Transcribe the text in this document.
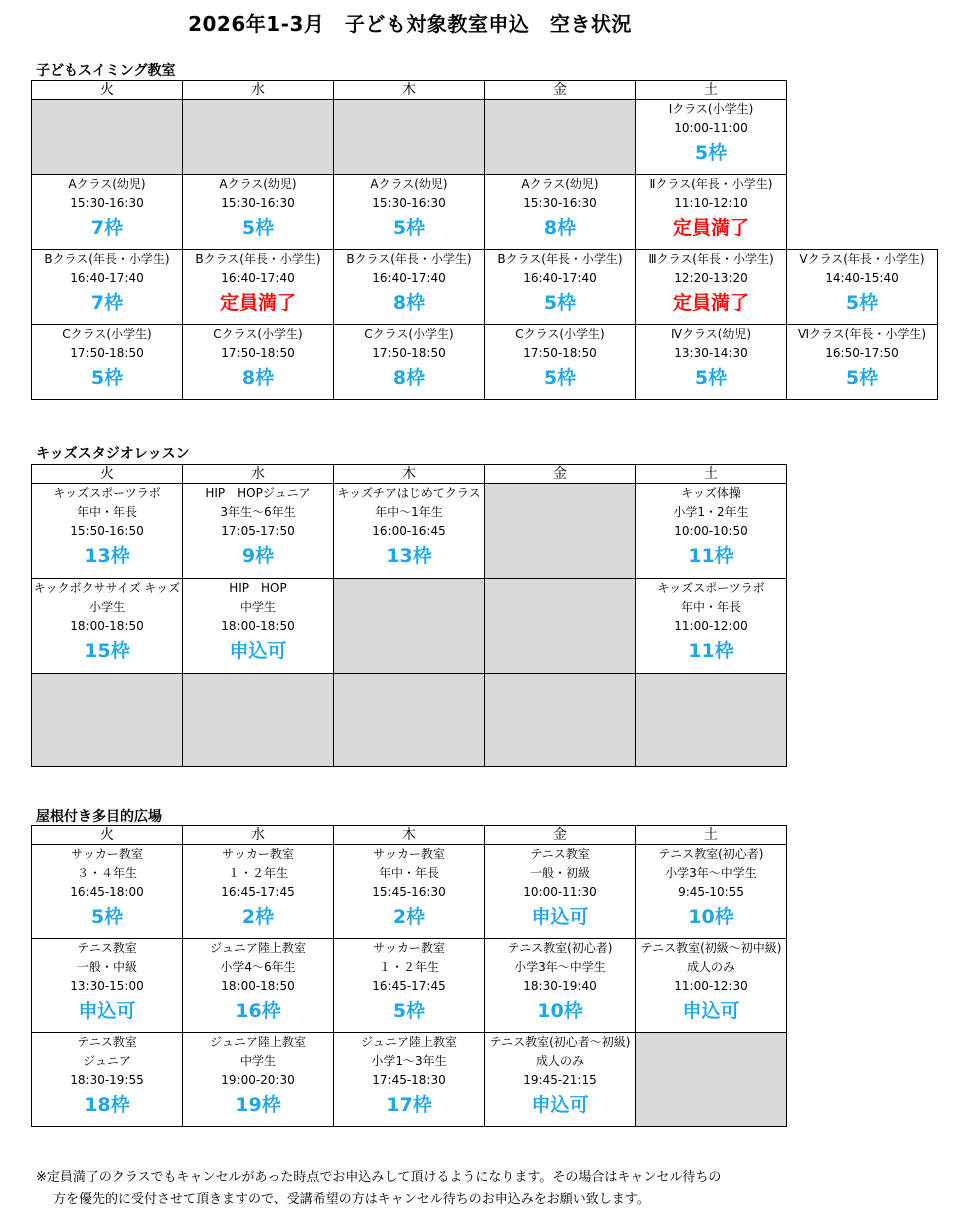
2026年1-3月　子ども対象教室申込　空き状況
子どもスイミング教室
火	水	木	金	土	

				Ⅰクラス(小学生)
10:00-11:00
5枠	

Aクラス(幼児)
15:30-16:30
7枠	Aクラス(幼児)
15:30-16:30
5枠	Aクラス(幼児)
15:30-16:30
5枠	Aクラス(幼児)
15:30-16:30
8枠	Ⅱクラス(年長・小学生)
11:10-12:10
定員満了	

Bクラス(年長・小学生)
16:40-17:40
7枠	Bクラス(年長・小学生)
16:40-17:40
定員満了	Bクラス(年長・小学生)
16:40-17:40
8枠	Bクラス(年長・小学生)
16:40-17:40
5枠	Ⅲクラス(年長・小学生)
12:20-13:20
定員満了	Ⅴクラス(年長・小学生)
14:40-15:40
5枠

Cクラス(小学生)
17:50-18:50
5枠	Cクラス(小学生)
17:50-18:50
8枠	Cクラス(小学生)
17:50-18:50
8枠	Cクラス(小学生)
17:50-18:50
5枠	Ⅳクラス(幼児)
13:30-14:30
5枠	Ⅵクラス(年長・小学生)
16:50-17:50
5枠
キッズスタジオレッスン
火	水	木	金	土

キッズスポーツラボ
年中・年長
15:50-16:50
13枠	HIP　HOPジュニア
3年生～6年生
17:05-17:50
9枠	キッズチアはじめてクラス
年中～1年生
16:00-16:45
13枠		キッズ体操
小学1・2年生
10:00-10:50
11枠

キックボクササイズ キッズ
小学生
18:00-18:50
15枠	HIP　HOP
中学生
18:00-18:50
申込可			キッズスポーツラボ
年中・年長
11:00-12:00
11枠

屋根付き多目的広場
火	水	木	金	土

サッカー教室
３・４年生
16:45-18:00
5枠	サッカー教室
１・２年生
16:45-17:45
2枠	サッカー教室
年中・年長
15:45-16:30
2枠	テニス教室
一般・初級
10:00-11:30
申込可	テニス教室(初心者)
小学3年～中学生
9:45-10:55
10枠

テニス教室
一般・中級
13:30-15:00
申込可	ジュニア陸上教室
小学4～6年生
18:00-18:50
16枠	サッカー教室
１・２年生
16:45-17:45
5枠	テニス教室(初心者)
小学3年～中学生
18:30-19:40
10枠	テニス教室(初級～初中級)
成人のみ
11:00-12:30
申込可

テニス教室
ジュニア
18:30-19:55
18枠	ジュニア陸上教室
中学生
19:00-20:30
19枠	ジュニア陸上教室
小学1～3年生
17:45-18:30
17枠	テニス教室(初心者～初級)
成人のみ
19:45-21:15
申込可	

※定員満了のクラスでもキャンセルがあった時点でお申込みして頂けるようになります。その場合はキャンセル待ちの
方を優先的に受付させて頂きますので、受講希望の方はキャンセル待ちのお申込みをお願い致します。
